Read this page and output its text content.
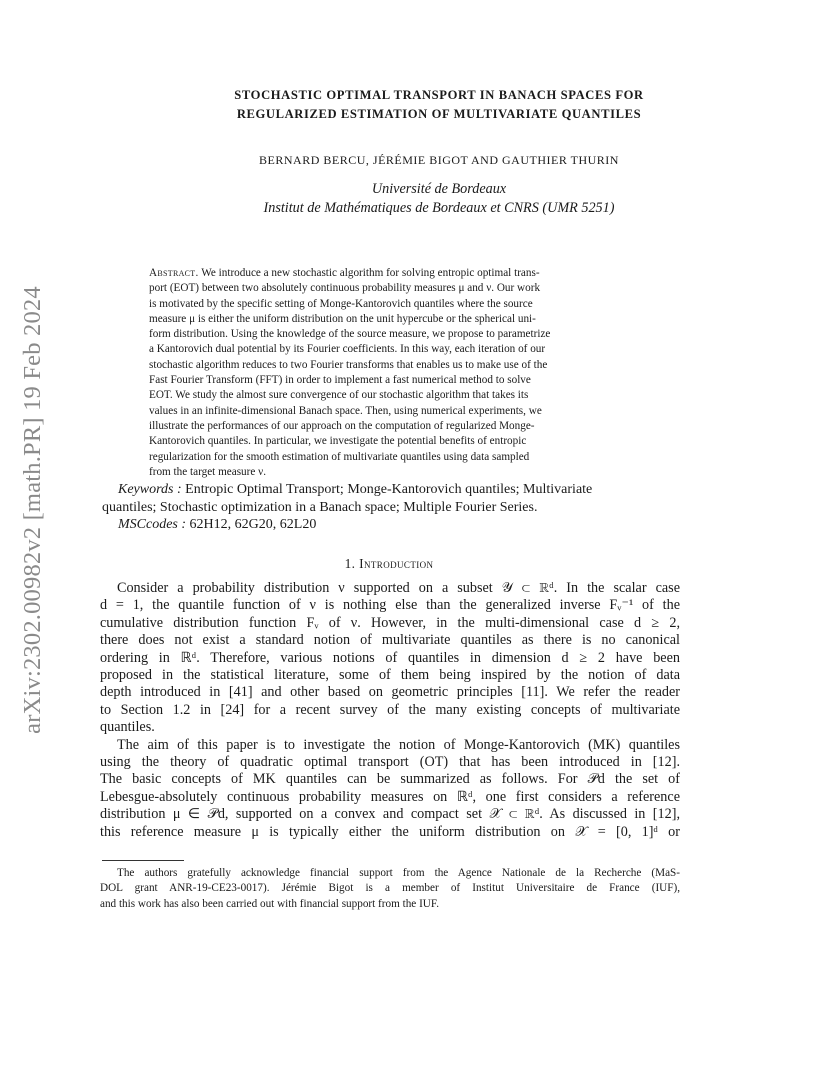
arXiv:2302.00982v2 [math.PR] 19 Feb 2024
STOCHASTIC OPTIMAL TRANSPORT IN BANACH SPACES FOR
REGULARIZED ESTIMATION OF MULTIVARIATE QUANTILES
BERNARD BERCU, JÉRÉMIE BIGOT AND GAUTHIER THURIN
Université de Bordeaux
Institut de Mathématiques de Bordeaux et CNRS (UMR 5251)
Abstract. We introduce a new stochastic algorithm for solving entropic optimal trans-
port (EOT) between two absolutely continuous probability measures μ and ν. Our work
is motivated by the specific setting of Monge-Kantorovich quantiles where the source
measure μ is either the uniform distribution on the unit hypercube or the spherical uni-
form distribution. Using the knowledge of the source measure, we propose to parametrize
a Kantorovich dual potential by its Fourier coefficients. In this way, each iteration of our
stochastic algorithm reduces to two Fourier transforms that enables us to make use of the
Fast Fourier Transform (FFT) in order to implement a fast numerical method to solve
EOT. We study the almost sure convergence of our stochastic algorithm that takes its
values in an infinite-dimensional Banach space. Then, using numerical experiments, we
illustrate the performances of our approach on the computation of regularized Monge-
Kantorovich quantiles. In particular, we investigate the potential benefits of entropic
regularization for the smooth estimation of multivariate quantiles using data sampled
from the target measure ν.
Keywords : Entropic Optimal Transport; Monge-Kantorovich quantiles; Multivariate
quantiles; Stochastic optimization in a Banach space; Multiple Fourier Series.
MSCcodes : 62H12, 62G20, 62L20
1. Introduction
Consider a probability distribution ν supported on a subset 𝒴 ⊂ ℝᵈ. In the scalar case
d = 1, the quantile function of ν is nothing else than the generalized inverse Fᵥ⁻¹ of the
cumulative distribution function Fᵥ of ν. However, in the multi-dimensional case d ≥ 2,
there does not exist a standard notion of multivariate quantiles as there is no canonical
ordering in ℝᵈ. Therefore, various notions of quantiles in dimension d ≥ 2 have been
proposed in the statistical literature, some of them being inspired by the notion of data
depth introduced in [41] and other based on geometric principles [11]. We refer the reader
to Section 1.2 in [24] for a recent survey of the many existing concepts of multivariate
quantiles.
The aim of this paper is to investigate the notion of Monge-Kantorovich (MK) quantiles
using the theory of quadratic optimal transport (OT) that has been introduced in [12].
The basic concepts of MK quantiles can be summarized as follows. For 𝒫d the set of
Lebesgue-absolutely continuous probability measures on ℝᵈ, one first considers a reference
distribution μ ∈ 𝒫d, supported on a convex and compact set 𝒳 ⊂ ℝᵈ. As discussed in [12],
this reference measure μ is typically either the uniform distribution on 𝒳 = [0, 1]ᵈ or
The authors gratefully acknowledge financial support from the Agence Nationale de la Recherche (MaS-
DOL grant ANR-19-CE23-0017). Jérémie Bigot is a member of Institut Universitaire de France (IUF),
and this work has also been carried out with financial support from the IUF.
